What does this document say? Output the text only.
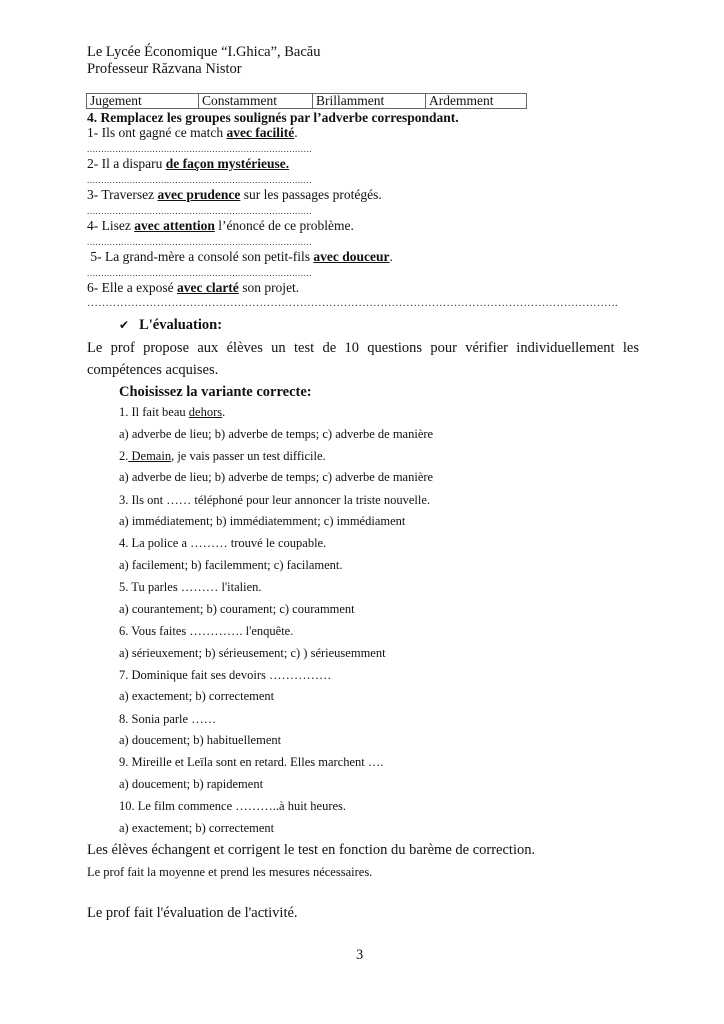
Le Lycée Économique “I.Ghica”, Bacău
Professeur Răzvana Nistor
Jugement	Constamment	Brillamment	Ardemment
4. Remplacez les groupes soulignés par l’adverbe correspondant.
1- Ils ont gagné ce match avec facilité.
...............................................................................
2- Il a disparu de façon mystérieuse.
...............................................................................
3- Traversez avec prudence sur les passages protégés.
...............................................................................
4- Lisez avec attention l’énoncé de ce problème.
...............................................................................
5- La grand-mère a consolé son petit-fils avec douceur.
...............................................................................
6- Elle a exposé avec clarté son projet.
……………………………………………………………………………………………………………………………….
✔ L'évaluation:
Le prof propose aux élèves un test de 10 questions pour vérifier individuellement les
compétences acquises.
Choisissez la variante correcte:
1. Il fait beau dehors.
a) adverbe de lieu; b) adverbe de temps; c) adverbe de manière
2. Demain, je vais passer un test difficile.
a) adverbe de lieu; b) adverbe de temps; c) adverbe de manière
3. Ils ont …… téléphoné pour leur annoncer la triste nouvelle.
a) immédiatement; b) immédiatemment; c) immédiament
4. La police a ……… trouvé le coupable.
a) facilement; b) facilemment; c) facilament.
5. Tu parles ……… l'italien.
a) courantement; b) courament; c) couramment
6. Vous faites …………. l'enquête.
a) sérieuxement; b) sérieusement; c) ) sérieusemment
7. Dominique fait ses devoirs ……………
a) exactement; b) correctement
8. Sonia parle ……
a) doucement; b) habituellement
9. Mireille et Leïla sont en retard. Elles marchent ….
a) doucement; b) rapidement
10. Le film commence ………..à huit heures.
a) exactement; b) correctement
Les élèves échangent et corrigent le test en fonction du barème de correction.
Le prof fait la moyenne et prend les mesures nécessaires.
Le prof fait l'évaluation de l'activité.
3
